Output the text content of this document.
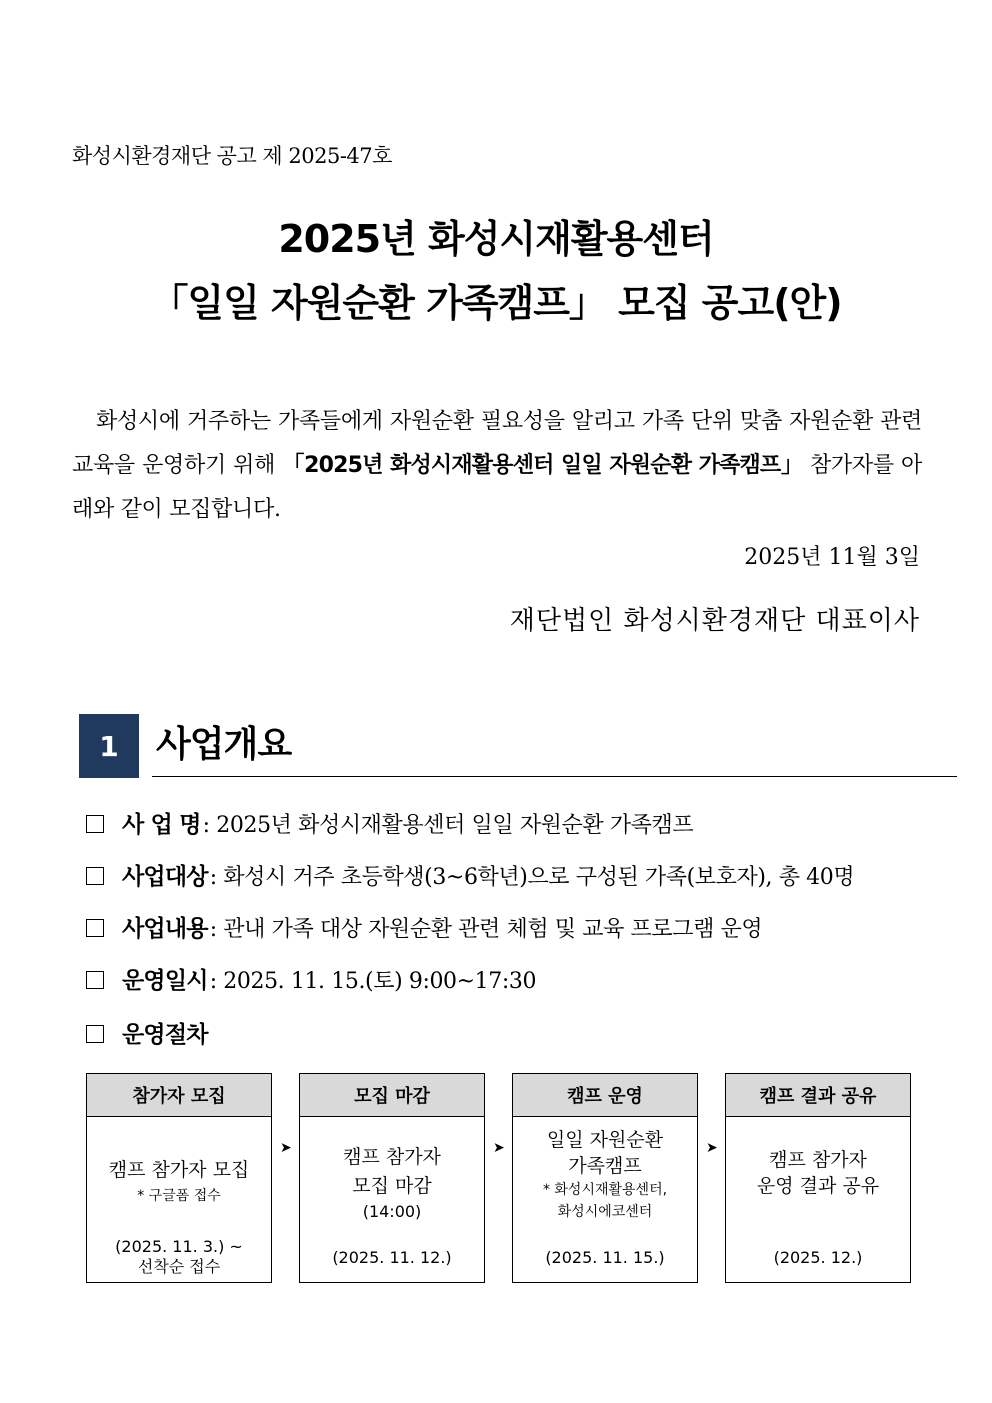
화성시환경재단 공고 제 2025-47호
2025년 화성시재활용센터
「일일 자원순환 가족캠프」 모집 공고(안)
화성시에 거주하는 가족들에게 자원순환 필요성을 알리고 가족 단위 맞춤 자원순환 관련 교육을 운영하기 위해 「2025년 화성시재활용센터 일일 자원순환 가족캠프」 참가자를 아래와 같이 모집합니다.
2025년 11월 3일
재단법인 화성시환경재단 대표이사
1	사업개요
사 업 명 : 2025년 화성시재활용센터 일일 자원순환 가족캠프
사업대상 : 화성시 거주 초등학생(3~6학년)으로 구성된 가족(보호자), 총 40명
사업내용 : 관내 가족 대상 자원순환 관련 체험 및 교육 프로그램 운영
운영일시 : 2025. 11. 15.(토) 9:00~17:30
운영절차
참가자 모집
캠프 참가자 모집
* 구글폼 접수
(2025. 11. 3.) ~
선착순 접수
➤
모집 마감
캠프 참가자
모집 마감
(14:00)
(2025. 11. 12.)
➤
캠프 운영
일일 자원순환
가족캠프
* 화성시재활용센터,
화성시에코센터
(2025. 11. 15.)
➤
캠프 결과 공유
캠프 참가자
운영 결과 공유
(2025. 12.)
